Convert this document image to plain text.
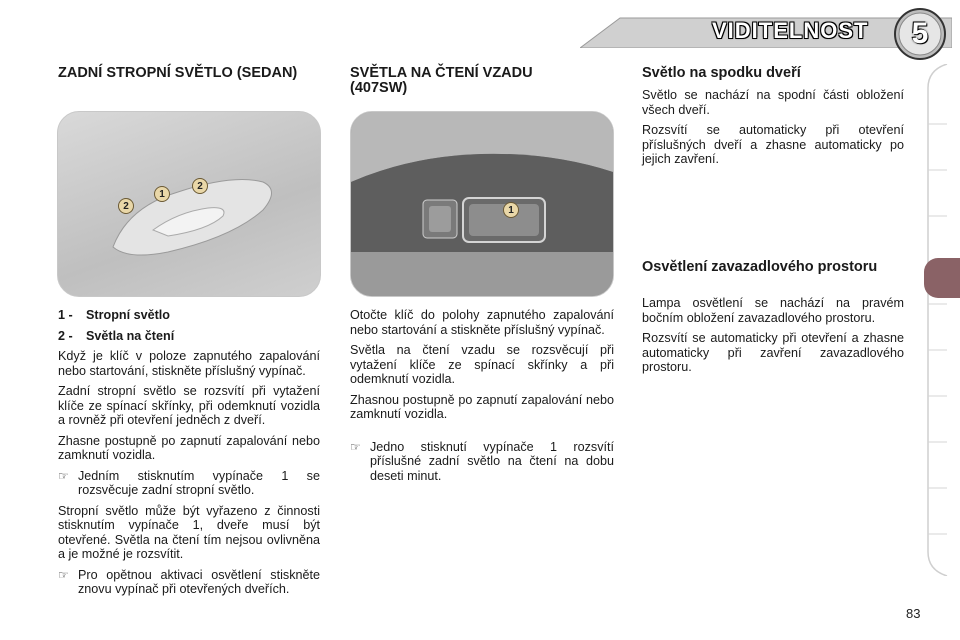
VIDITELNOST 5
ZADNÍ STROPNÍ SVĚTLO (SEDAN)
2
1
2
1 - Stropní světlo
2 - Světla na čtení

Když je klíč v poloze zapnutého zapalování nebo startování, stiskněte příslušný vypínač.

Zadní stropní světlo se rozsvítí při vytažení klíče ze spínací skřínky, při odemknutí vozidla a rovněž při otevření jedněch z dveří.

Zhasne postupně po zapnutí zapalování nebo zamknutí vozidla.

☞ Jedním stisknutím vypínače 1 se rozsvěcuje zadní stropní světlo.

Stropní světlo může být vyřazeno z činnosti stisknutím vypínače 1, dveře musí být otevřené. Světla na čtení tím nejsou ovlivněna a je možné je rozsvítit.

☞ Pro opětnou aktivaci osvětlení stiskněte znovu vypínač při otevřených dveřích.
SVĚTLA NA ČTENÍ VZADU (407SW)
1

Otočte klíč do polohy zapnutého zapalování nebo startování a stiskněte příslušný vypínač.

Světla na čtení vzadu se rozsvěcují při vytažení klíče ze spínací skřínky a při odemknutí vozidla.

Zhasnou postupně po zapnutí zapalování nebo zamknutí vozidla.

☞ Jedno stisknutí vypínače 1 rozsvítí příslušné zadní světlo na čtení na dobu deseti minut.
Světlo na spodku dveří

Světlo se nachází na spodní části obložení všech dveří.

Rozsvítí se automaticky při otevření příslušných dveří a zhasne automaticky po jejich zavření.

Osvětlení zavazadlového prostoru

Lampa osvětlení se nachází na pravém bočním obložení zavazadlového prostoru.

Rozsvítí se automaticky při otevření a zhasne automaticky při zavření zavazadlového prostoru.

83
